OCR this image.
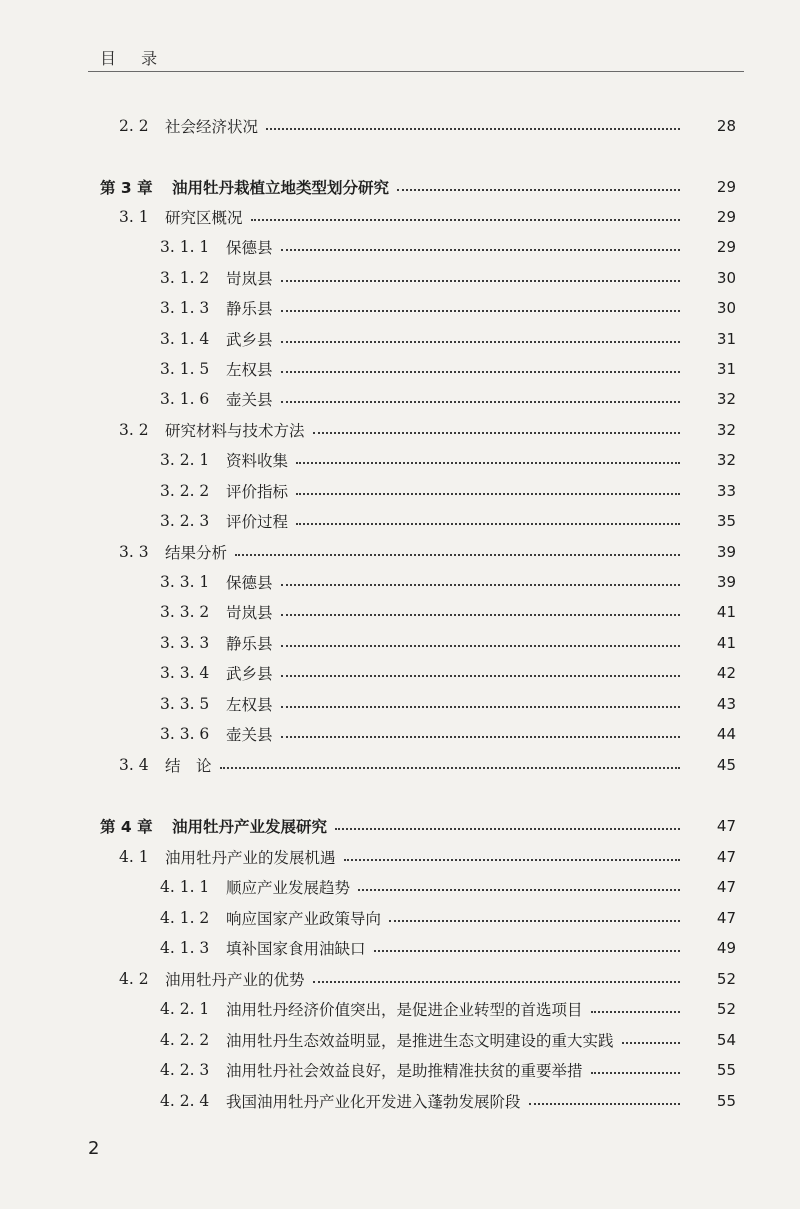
目 录
2. 2 社会经济状况	28
第 3 章 油用牡丹栽植立地类型划分研究	29
3. 1 研究区概况	29
3. 1. 1 保德县	29
3. 1. 2 岢岚县	30
3. 1. 3 静乐县	30
3. 1. 4 武乡县	31
3. 1. 5 左权县	31
3. 1. 6 壶关县	32
3. 2 研究材料与技术方法	32
3. 2. 1 资料收集	32
3. 2. 2 评价指标	33
3. 2. 3 评价过程	35
3. 3 结果分析	39
3. 3. 1 保德县	39
3. 3. 2 岢岚县	41
3. 3. 3 静乐县	41
3. 3. 4 武乡县	42
3. 3. 5 左权县	43
3. 3. 6 壶关县	44
3. 4 结　论	45
第 4 章 油用牡丹产业发展研究	47
4. 1 油用牡丹产业的发展机遇	47
4. 1. 1 顺应产业发展趋势	47
4. 1. 2 响应国家产业政策导向	47
4. 1. 3 填补国家食用油缺口	49
4. 2 油用牡丹产业的优势	52
4. 2. 1 油用牡丹经济价值突出，是促进企业转型的首选项目	52
4. 2. 2 油用牡丹生态效益明显，是推进生态文明建设的重大实践	54
4. 2. 3 油用牡丹社会效益良好，是助推精准扶贫的重要举措	55
4. 2. 4 我国油用牡丹产业化开发进入蓬勃发展阶段	55
2
